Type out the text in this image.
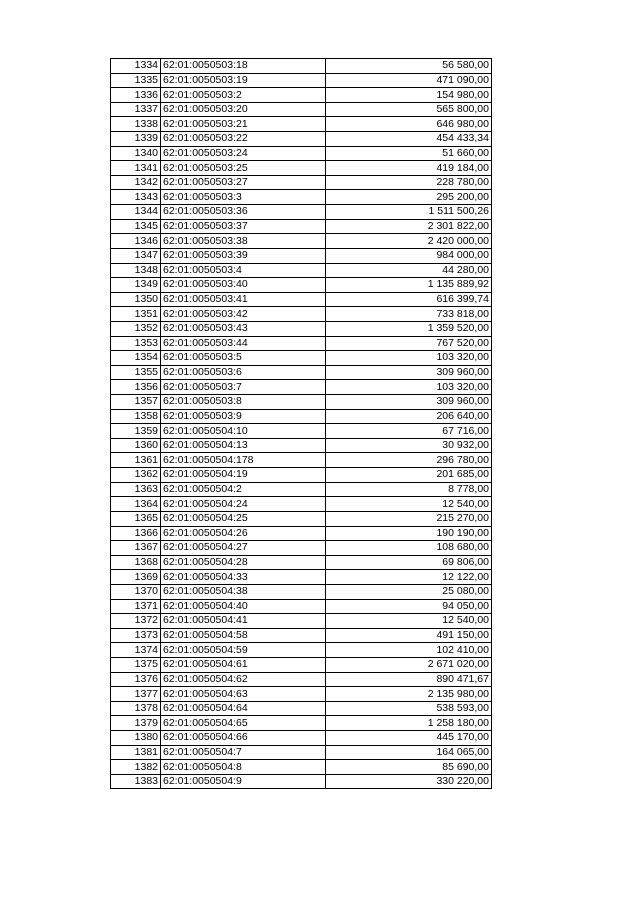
1334	62:01:0050503:18	56 580,00
1335	62:01:0050503:19	471 090,00
1336	62:01:0050503:2	154 980,00
1337	62:01:0050503:20	565 800,00
1338	62:01:0050503:21	646 980,00
1339	62:01:0050503:22	454 433,34
1340	62:01:0050503:24	51 660,00
1341	62:01:0050503:25	419 184,00
1342	62:01:0050503:27	228 780,00
1343	62:01:0050503:3	295 200,00
1344	62:01:0050503:36	1 511 500,26
1345	62:01:0050503:37	2 301 822,00
1346	62:01:0050503:38	2 420 000,00
1347	62:01:0050503:39	984 000,00
1348	62:01:0050503:4	44 280,00
1349	62:01:0050503:40	1 135 889,92
1350	62:01:0050503:41	616 399,74
1351	62:01:0050503:42	733 818,00
1352	62:01:0050503:43	1 359 520,00
1353	62:01:0050503:44	767 520,00
1354	62:01:0050503:5	103 320,00
1355	62:01:0050503:6	309 960,00
1356	62:01:0050503:7	103 320,00
1357	62:01:0050503:8	309 960,00
1358	62:01:0050503:9	206 640,00
1359	62:01:0050504:10	67 716,00
1360	62:01:0050504:13	30 932,00
1361	62:01:0050504:178	296 780,00
1362	62:01:0050504:19	201 685,00
1363	62:01:0050504:2	8 778,00
1364	62:01:0050504:24	12 540,00
1365	62:01:0050504:25	215 270,00
1366	62:01:0050504:26	190 190,00
1367	62:01:0050504:27	108 680,00
1368	62:01:0050504:28	69 806,00
1369	62:01:0050504:33	12 122,00
1370	62:01:0050504:38	25 080,00
1371	62:01:0050504:40	94 050,00
1372	62:01:0050504:41	12 540,00
1373	62:01:0050504:58	491 150,00
1374	62:01:0050504:59	102 410,00
1375	62:01:0050504:61	2 671 020,00
1376	62:01:0050504:62	890 471,67
1377	62:01:0050504:63	2 135 980,00
1378	62:01:0050504:64	538 593,00
1379	62:01:0050504:65	1 258 180,00
1380	62:01:0050504:66	445 170,00
1381	62:01:0050504:7	164 065,00
1382	62:01:0050504:8	85 690,00
1383	62:01:0050504:9	330 220,00
